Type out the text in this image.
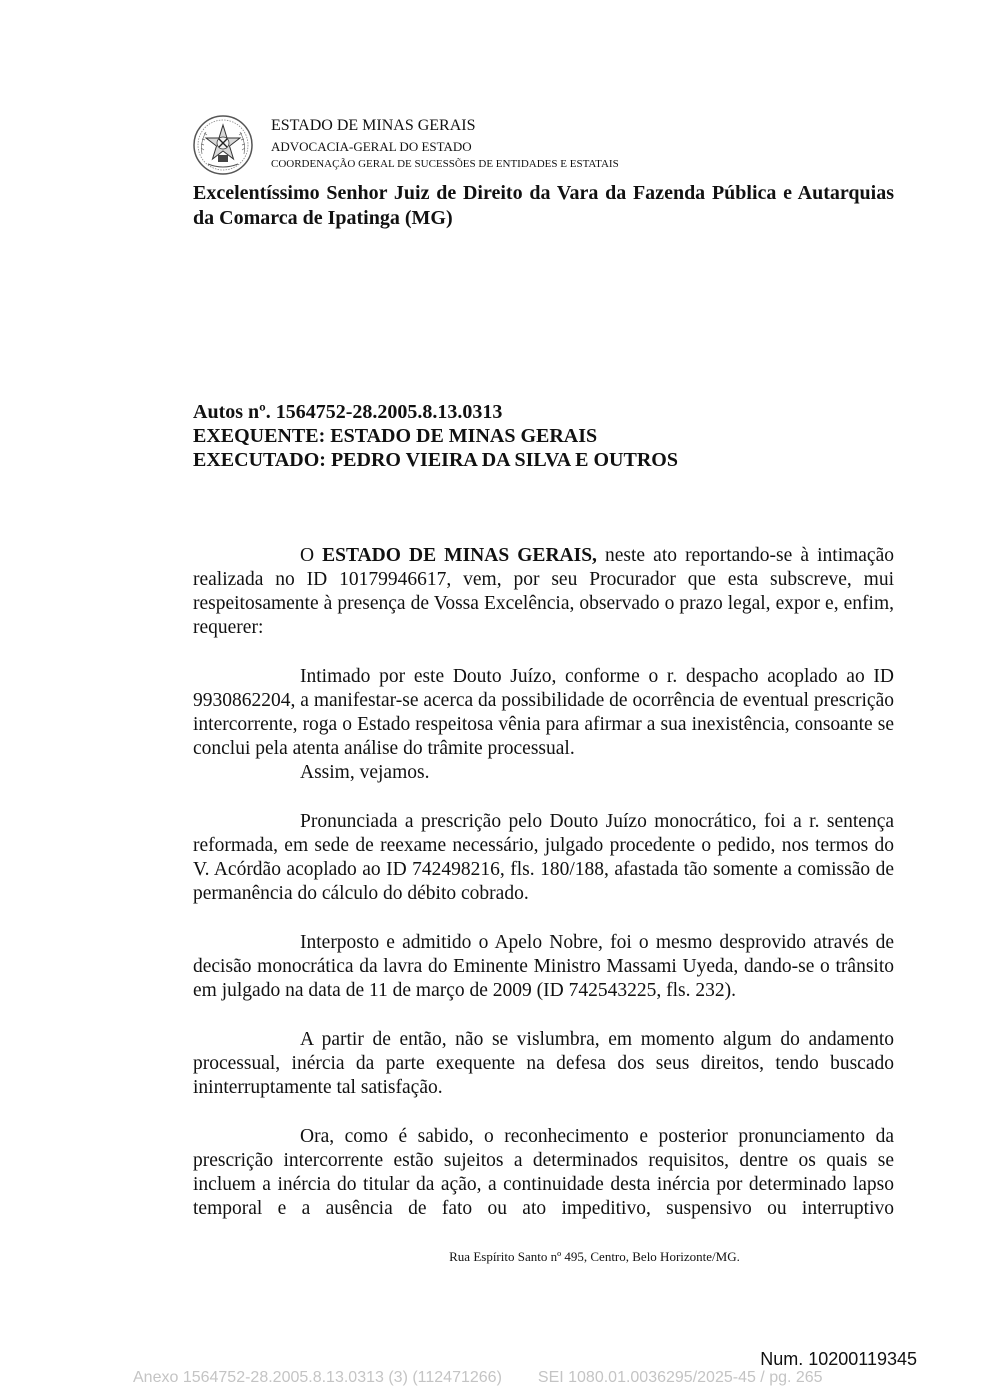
ESTADO DE MINAS GERAIS
ADVOCACIA-GERAL DO ESTADO
COORDENAÇÃO GERAL DE SUCESSÕES DE ENTIDADES E ESTATAIS
Excelentíssimo Senhor Juiz de Direito da Vara da Fazenda Pública e Autarquias da Comarca de Ipatinga (MG)
Autos nº. 1564752-28.2005.8.13.0313
EXEQUENTE: ESTADO DE MINAS GERAIS
EXECUTADO: PEDRO VIEIRA DA SILVA E OUTROS

O ESTADO DE MINAS GERAIS, neste ato reportando-se à intimação realizada no ID 10179946617, vem, por seu Procurador que esta subscreve, mui respeitosamente à presença de Vossa Excelência, observado o prazo legal, expor e, enfim, requerer:

Intimado por este Douto Juízo, conforme o r. despacho acoplado ao ID 9930862204, a manifestar-se acerca da possibilidade de ocorrência de eventual prescrição intercorrente, roga o Estado respeitosa vênia para afirmar a sua inexistência, consoante se conclui pela atenta análise do trâmite processual.

Assim, vejamos.

Pronunciada a prescrição pelo Douto Juízo monocrático, foi a r. sentença reformada, em sede de reexame necessário, julgado procedente o pedido, nos termos do V. Acórdão acoplado ao ID 742498216, fls. 180/188, afastada tão somente a comissão de permanência do cálculo do débito cobrado.

Interposto e admitido o Apelo Nobre, foi o mesmo desprovido através de decisão monocrática da lavra do Eminente Ministro Massami Uyeda, dando-se o trânsito em julgado na data de 11 de março de 2009 (ID 742543225, fls. 232).

A partir de então, não se vislumbra, em momento algum do andamento processual, inércia da parte exequente na defesa dos seus direitos, tendo buscado ininterruptamente tal satisfação.

Ora, como é sabido, o reconhecimento e posterior pronunciamento da prescrição intercorrente estão sujeitos a determinados requisitos, dentre os quais se incluem a inércia do titular da ação, a continuidade desta inércia por determinado lapso temporal e a ausência de fato ou ato impeditivo, suspensivo ou interruptivo

Rua Espírito Santo nº 495, Centro, Belo Horizonte/MG.
Num. 10200119345
Anexo 1564752-28.2005.8.13.0313 (3) (112471266) SEI 1080.01.0036295/2025-45 / pg. 265
